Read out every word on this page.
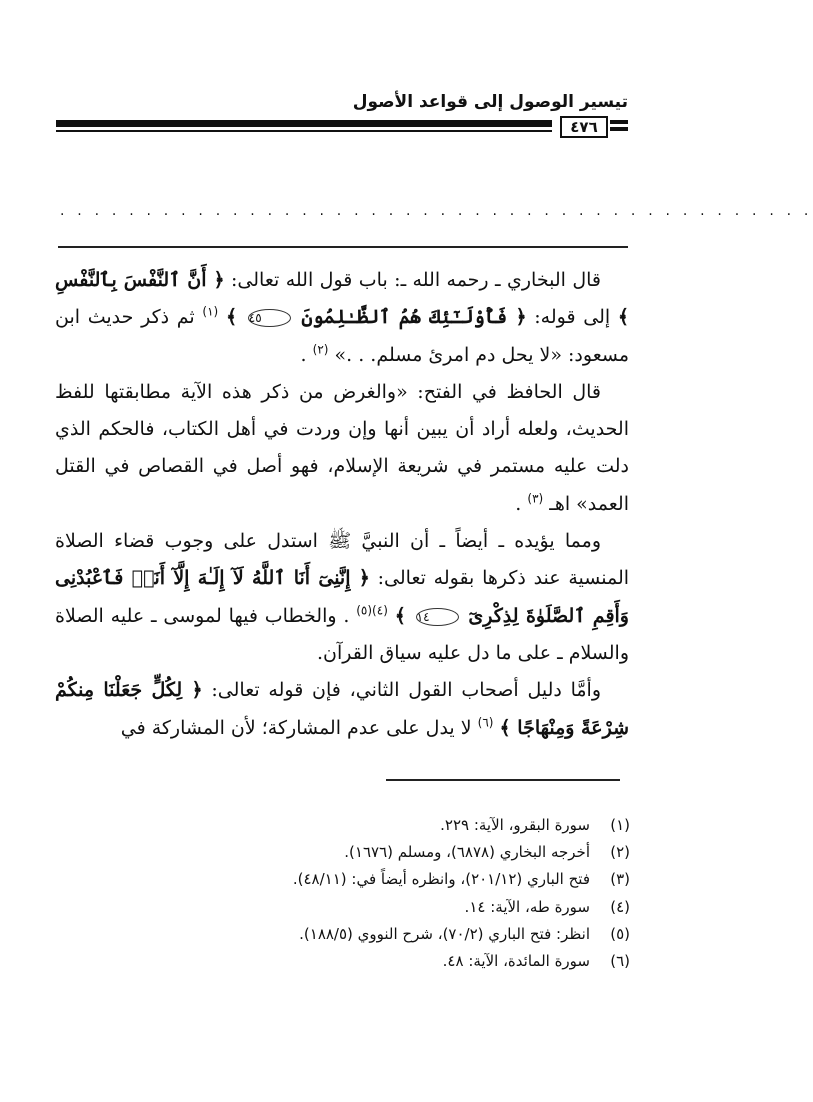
تيسير الوصول إلى قواعد الأصول
٤٧٦
. . . . . . . . . . . . . . . . . . . . . . . . . . . . . . . . . . . . . . . . . . . .

قال البخاري ـ رحمه الله ـ: باب قول الله تعالى: ﴿ أَنَّ ٱلنَّفْسَ بِٱلنَّفْسِ ﴾ إلى قوله: ﴿ فَأُوْلَـٰٓئِكَ هُمُ ٱلظَّـٰلِمُونَ ٤٥ ﴾ $^{(١)}$ ثم ذكر حديث ابن مسعود: «لا يحل دم امرئ مسلم. . .» $^{(٢)}$ .

قال الحافظ في الفتح: «والغرض من ذكر هذه الآية مطابقتها للفظ الحديث، ولعله أراد أن يبين أنها وإن وردت في أهل الكتاب، فالحكم الذي دلت عليه مستمر في شريعة الإسلام، فهو أصل في القصاص في القتل العمد» اهـ $^{(٣)}$ .

ومما يؤيده ـ أيضاً ـ أن النبيَّ ﷺ استدل على وجوب قضاء الصلاة المنسية عند ذكرها بقوله تعالى: ﴿ إِنَّنِىٓ أَنَا ٱللَّهُ لَآ إِلَـٰهَ إِلَّآ أَنَا۠ فَٱعْبُدْنِى وَأَقِمِ ٱلصَّلَوٰةَ لِذِكْرِىٓ ١٤ ﴾ $^{(٤)(٥)}$ . والخطاب فيها لموسى ـ عليه الصلاة والسلام ـ على ما دل عليه سياق القرآن.

وأمَّا دليل أصحاب القول الثاني، فإن قوله تعالى: ﴿ لِكُلٍّ جَعَلْنَا مِنكُمْ شِرْعَةً وَمِنْهَاجًا ﴾ $^{(٦)}$ لا يدل على عدم المشاركة؛ لأن المشاركة في

(١)
سورة البقرو، الآية: ٢٢٩.
(٢)
أخرجه البخاري (٦٨٧٨)، ومسلم (١٦٧٦).
(٣)
فتح الباري (٢٠١/١٢)، وانظره أيضاً في: (٤٨/١١).
(٤)
سورة طه، الآية: ١٤.
(٥)
انظر: فتح الباري (٧٠/٢)، شرح النووي (١٨٨/٥).
(٦)
سورة المائدة، الآية: ٤٨.
